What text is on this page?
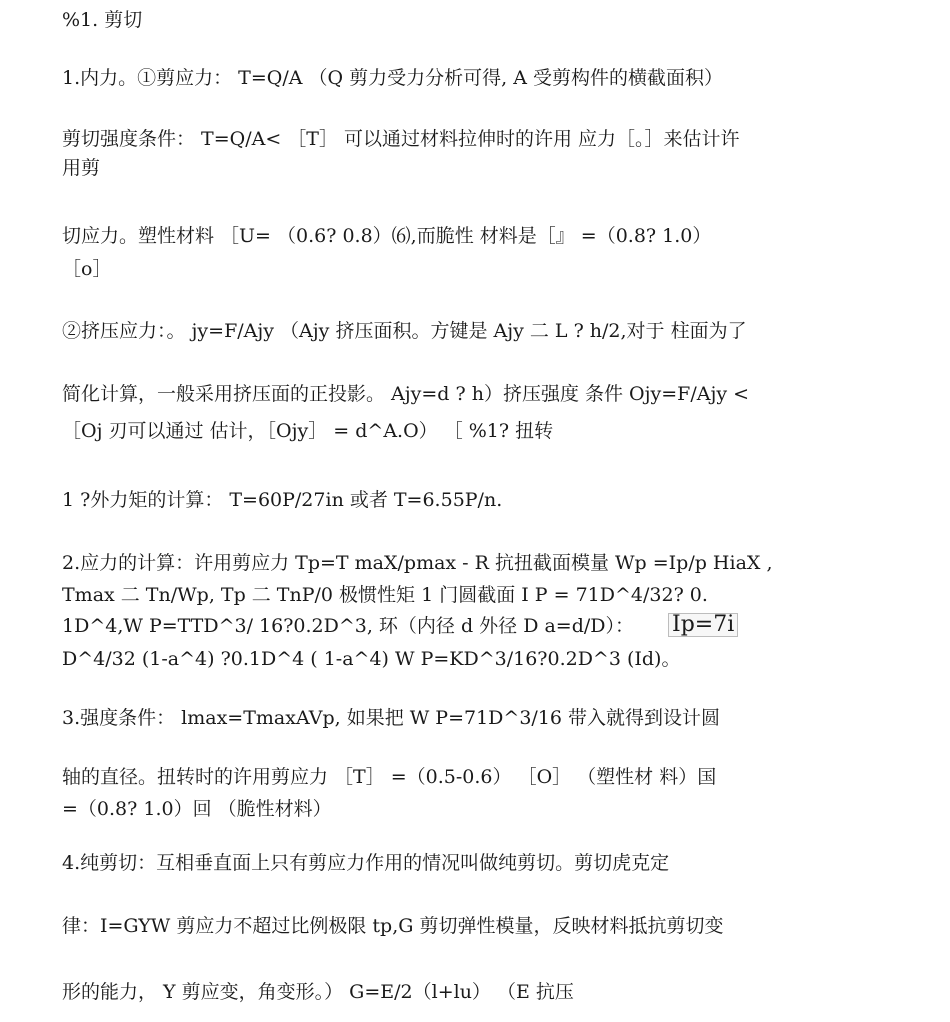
%1. 剪切
1.内力。①剪应力： T=Q/A （Q 剪力受力分析可得, A 受剪构件的横截面积）
剪切强度条件： T=Q/A< ［T］ 可以通过材料拉伸时的许用 应力［。］来估计许
用剪
切应力。塑性材料 ［U= （0.6? 0.8）⑹,而脆性 材料是［』 =（0.8? 1.0）
［o］
②挤压应力：。 jy=F/Ajy （Ajy 挤压面积。方键是 Ajy 二 L ? h/2,对于 柱面为了
简化计算，一般采用挤压面的正投影。 Ajy=d ? h）挤压强度 条件 Ojy=F/Ajy <
［Oj 刃可以通过 估计，［Ojy］ = d^A.O） ［ %1? 扭转
1 ?外力矩的计算： T=60P/27in 或者 T=6.55P/n.
2.应力的计算：许用剪应力 Tp=T maX/pmax - R 抗扭截面模量 Wp =Ip/p HiaX ,
Tmax 二 Tn/Wp, Tp 二 TnP/0 极惯性矩 1 门圆截面 I P = 71D^4/32? 0.
1D^4,W P=TTD^3/ 16?0.2D^3, 环（内径 d 外径 D a=d/D）： Ip=7i
D^4/32 (1-a^4) ?0.1D^4 ( 1-a^4) W P=KD^3/16?0.2D^3 (Id)。
3.强度条件： lmax=TmaxAVp, 如果把 W P=71D^3/16 带入就得到设计圆
轴的直径。扭转时的许用剪应力 ［T］ =（0.5-0.6） ［O］ （塑性材 料）国
=（0.8? 1.0）回 （脆性材料）
4.纯剪切：互相垂直面上只有剪应力作用的情况叫做纯剪切。剪切虎克定
律：I=GYW 剪应力不超过比例极限 tp,G 剪切弹性模量，反映材料抵抗剪切变
形的能力， Y 剪应变，角变形。） G=E/2（l+lu） （E 抗压
